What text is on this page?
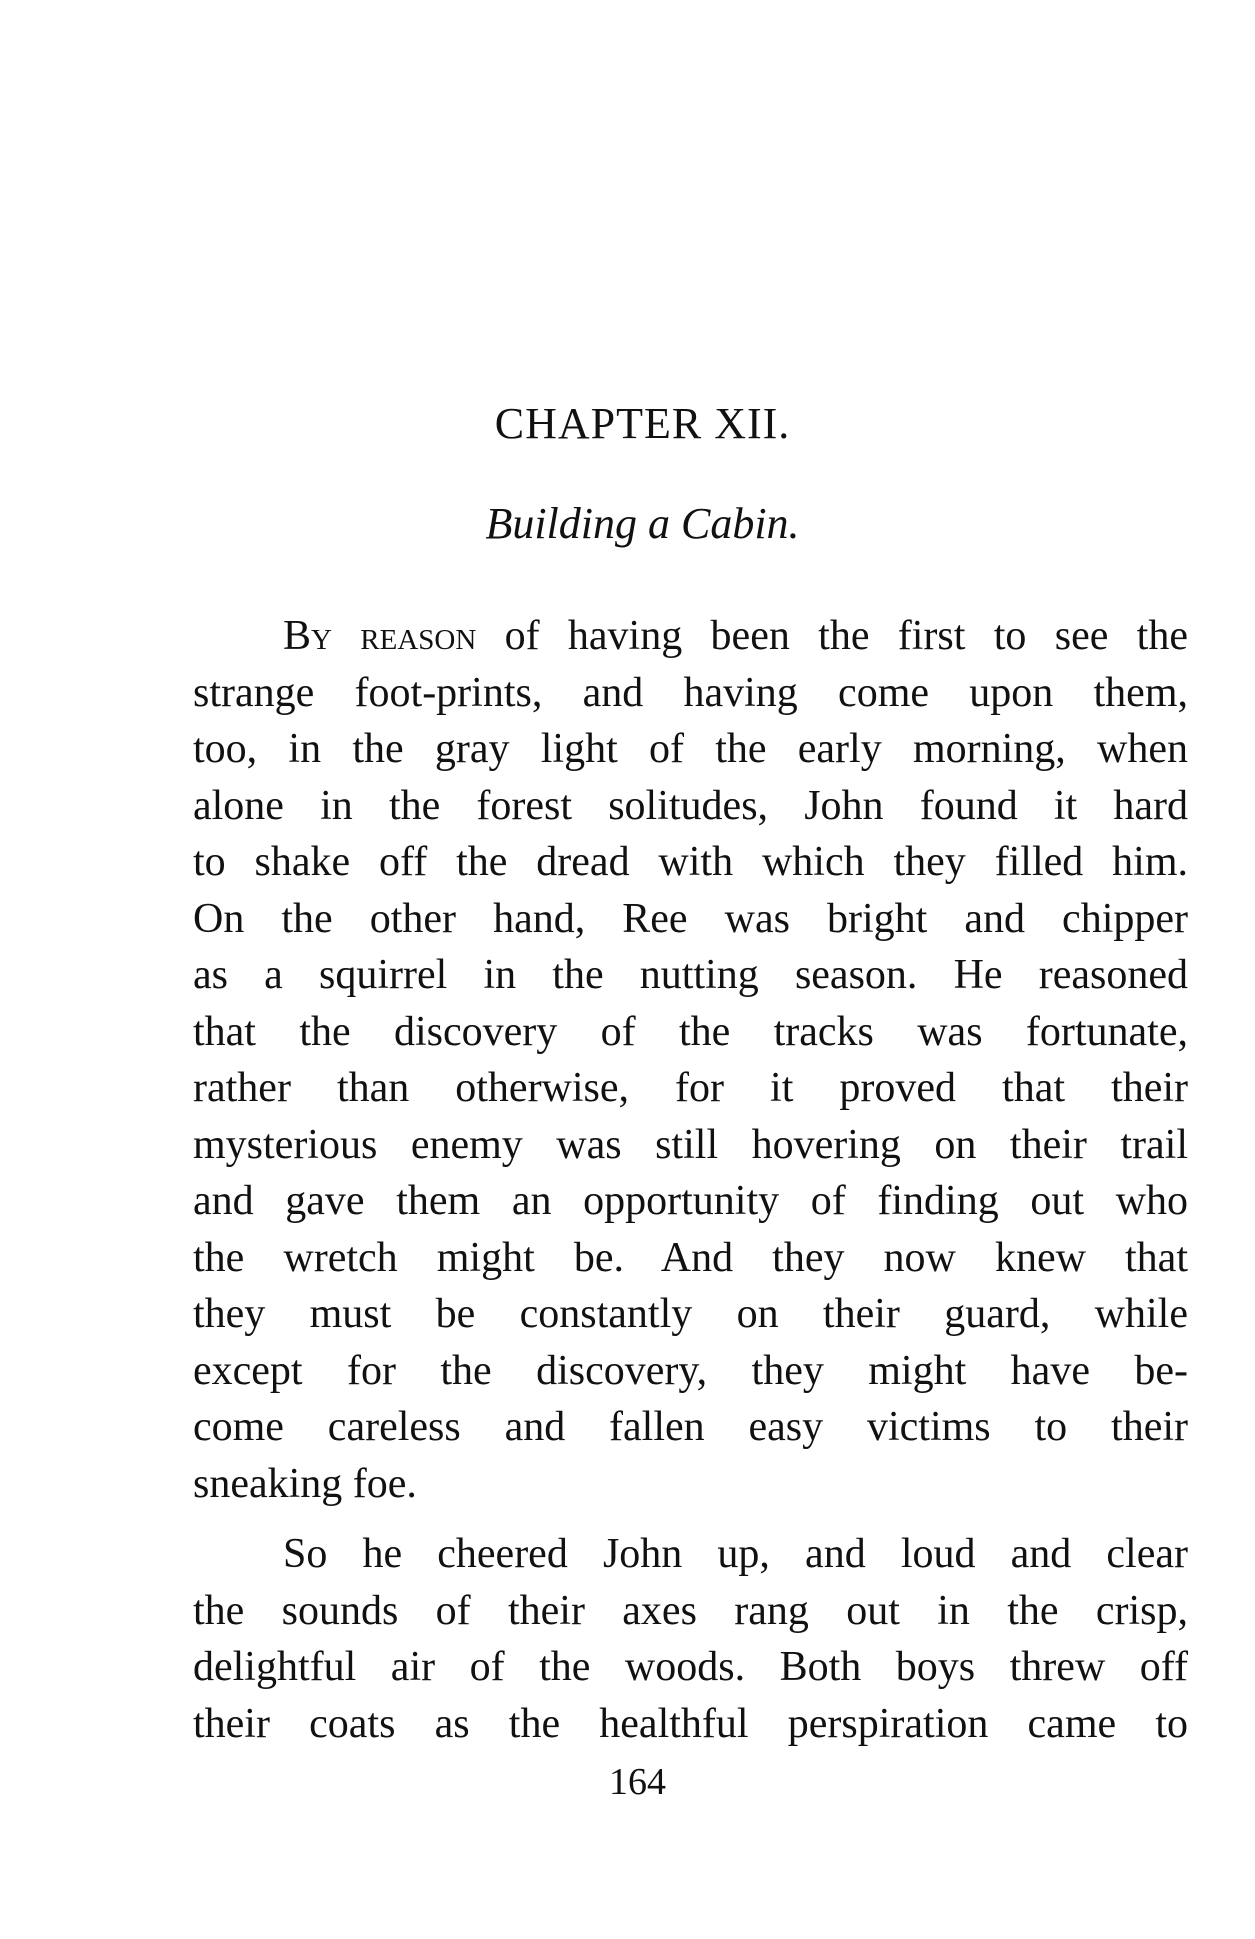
CHAPTER XII.
Building a Cabin.
By reason of having been the first to see the
strange foot-prints, and having come upon them,
too, in the gray light of the early morning, when
alone in the forest solitudes, John found it hard
to shake off the dread with which they filled him.
On the other hand, Ree was bright and chipper
as a squirrel in the nutting season. He reasoned
that the discovery of the tracks was fortunate,
rather than otherwise, for it proved that their
mysterious enemy was still hovering on their trail
and gave them an opportunity of finding out who
the wretch might be. And they now knew that
they must be constantly on their guard, while
except for the discovery, they might have be-
come careless and fallen easy victims to their
sneaking foe.
So he cheered John up, and loud and clear
the sounds of their axes rang out in the crisp,
delightful air of the woods. Both boys threw off
their coats as the healthful perspiration came to
164
